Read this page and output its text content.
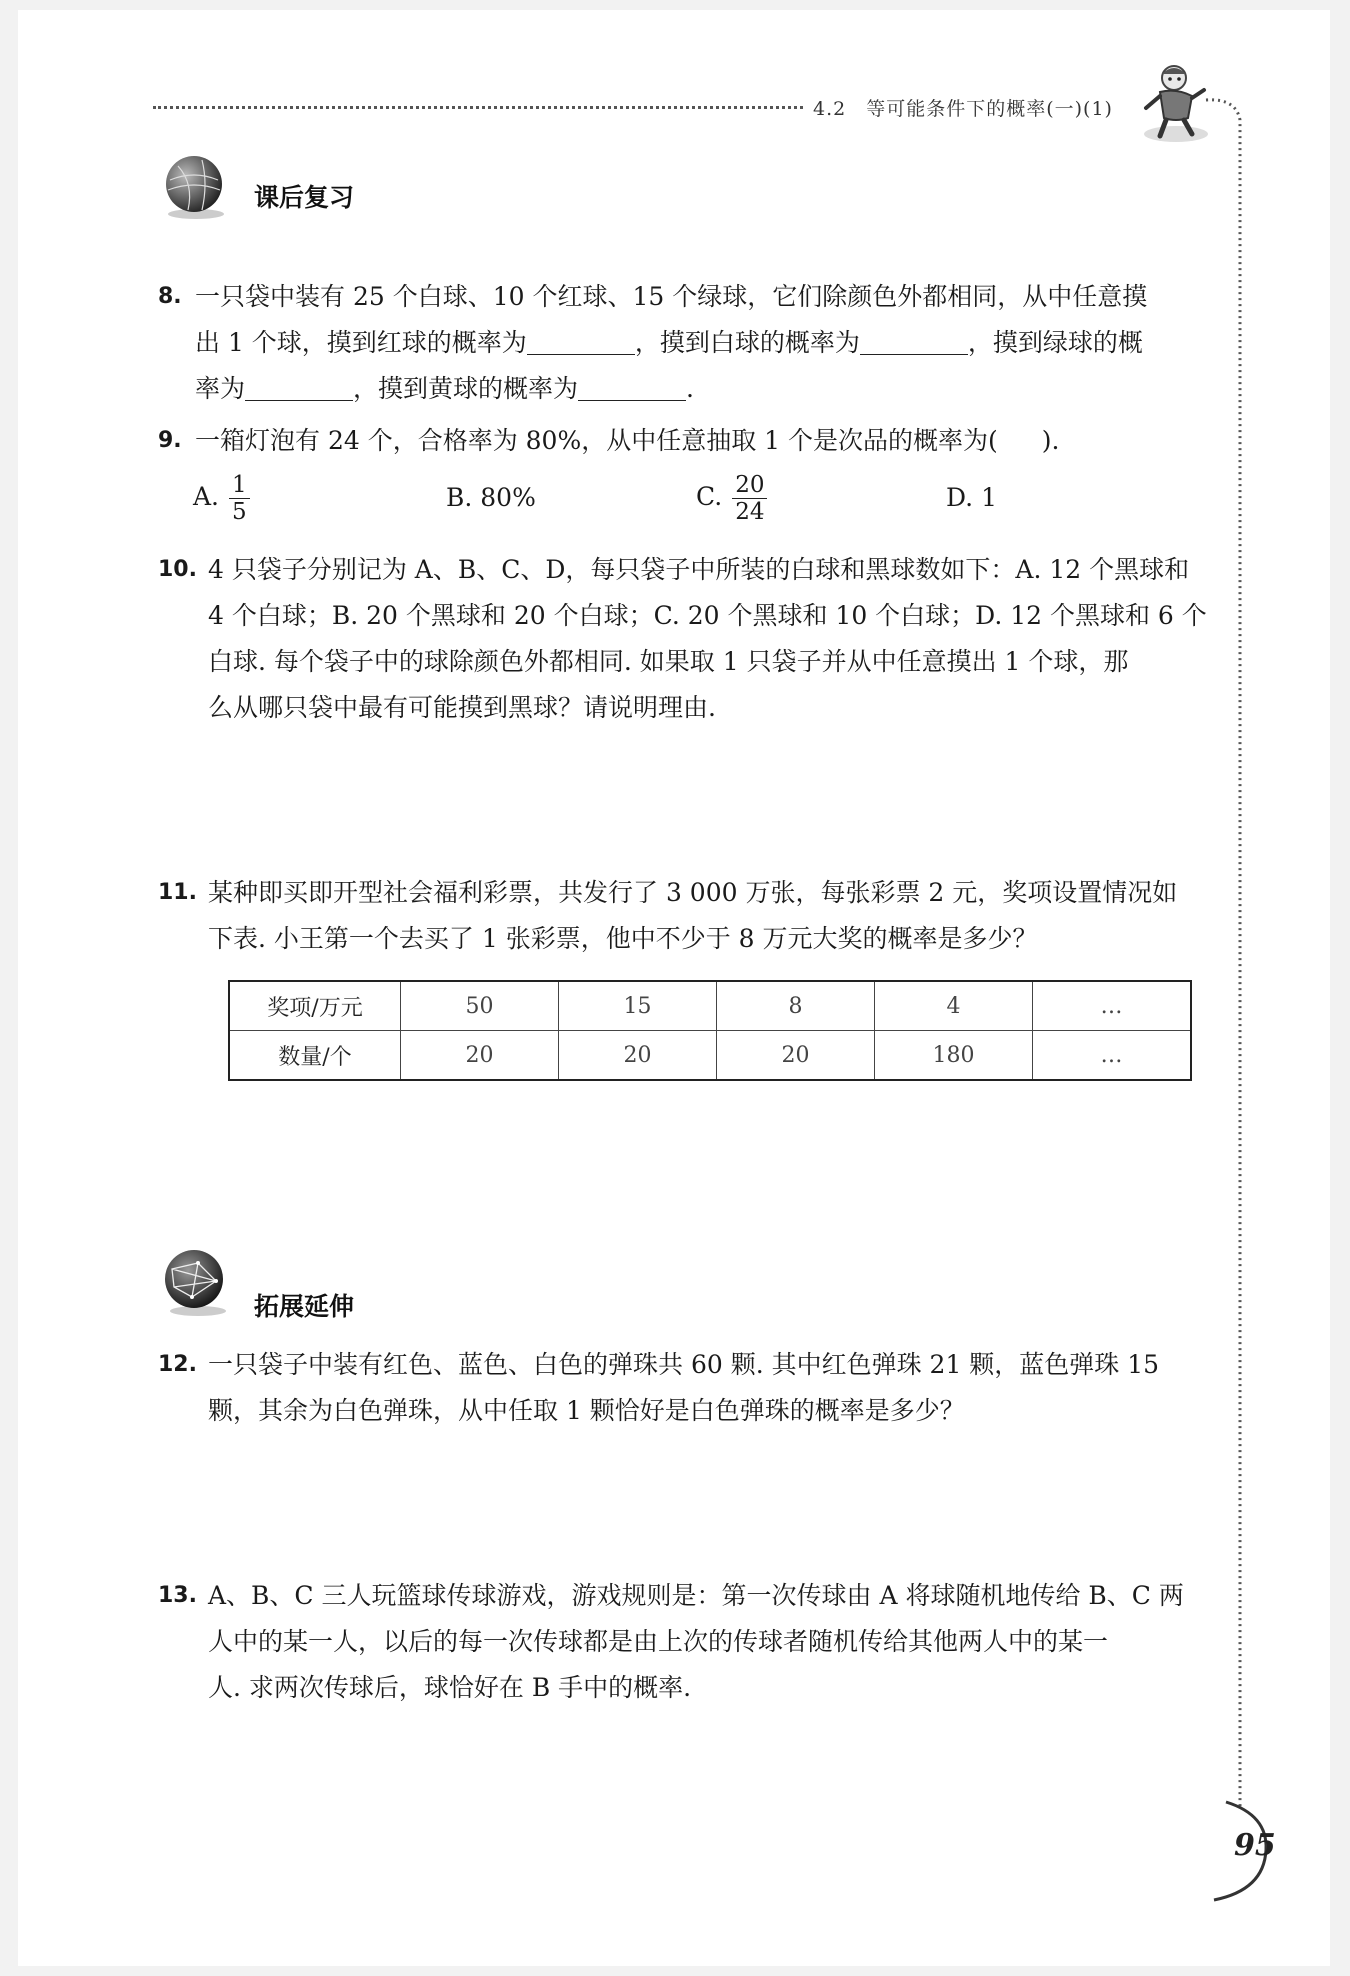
4.2　等可能条件下的概率(一)(1)
课后复习
8. 一只袋中装有 25 个白球、10 个红球、15 个绿球，它们除颜色外都相同，从中任意摸
出 1 个球，摸到红球的概率为	，摸到白球的概率为	，摸到绿球的概
率为	，摸到黄球的概率为	.
9. 一箱灯泡有 24 个，合格率为 80%，从中任意抽取 1 个是次品的概率为( ).
A. $\frac{1}{5}$	B. 80%	C. $\frac{20}{24}$	D. 1
10. 4 只袋子分别记为 A、B、C、D，每只袋子中所装的白球和黑球数如下：A. 12 个黑球和
4 个白球；B. 20 个黑球和 20 个白球；C. 20 个黑球和 10 个白球；D. 12 个黑球和 6 个
白球. 每个袋子中的球除颜色外都相同. 如果取 1 只袋子并从中任意摸出 1 个球，那
么从哪只袋中最有可能摸到黑球？请说明理由.
11. 某种即买即开型社会福利彩票，共发行了 3 000 万张，每张彩票 2 元，奖项设置情况如
下表. 小王第一个去买了 1 张彩票，他中不少于 8 万元大奖的概率是多少？
奖项/万元	50	15	8	4	…
数量/个	20	20	20	180	…
拓展延伸
12. 一只袋子中装有红色、蓝色、白色的弹珠共 60 颗. 其中红色弹珠 21 颗，蓝色弹珠 15
颗，其余为白色弹珠，从中任取 1 颗恰好是白色弹珠的概率是多少？
13. A、B、C 三人玩篮球传球游戏，游戏规则是：第一次传球由 A 将球随机地传给 B、C 两
人中的某一人，以后的每一次传球都是由上次的传球者随机传给其他两人中的某一
人. 求两次传球后，球恰好在 B 手中的概率.
95
